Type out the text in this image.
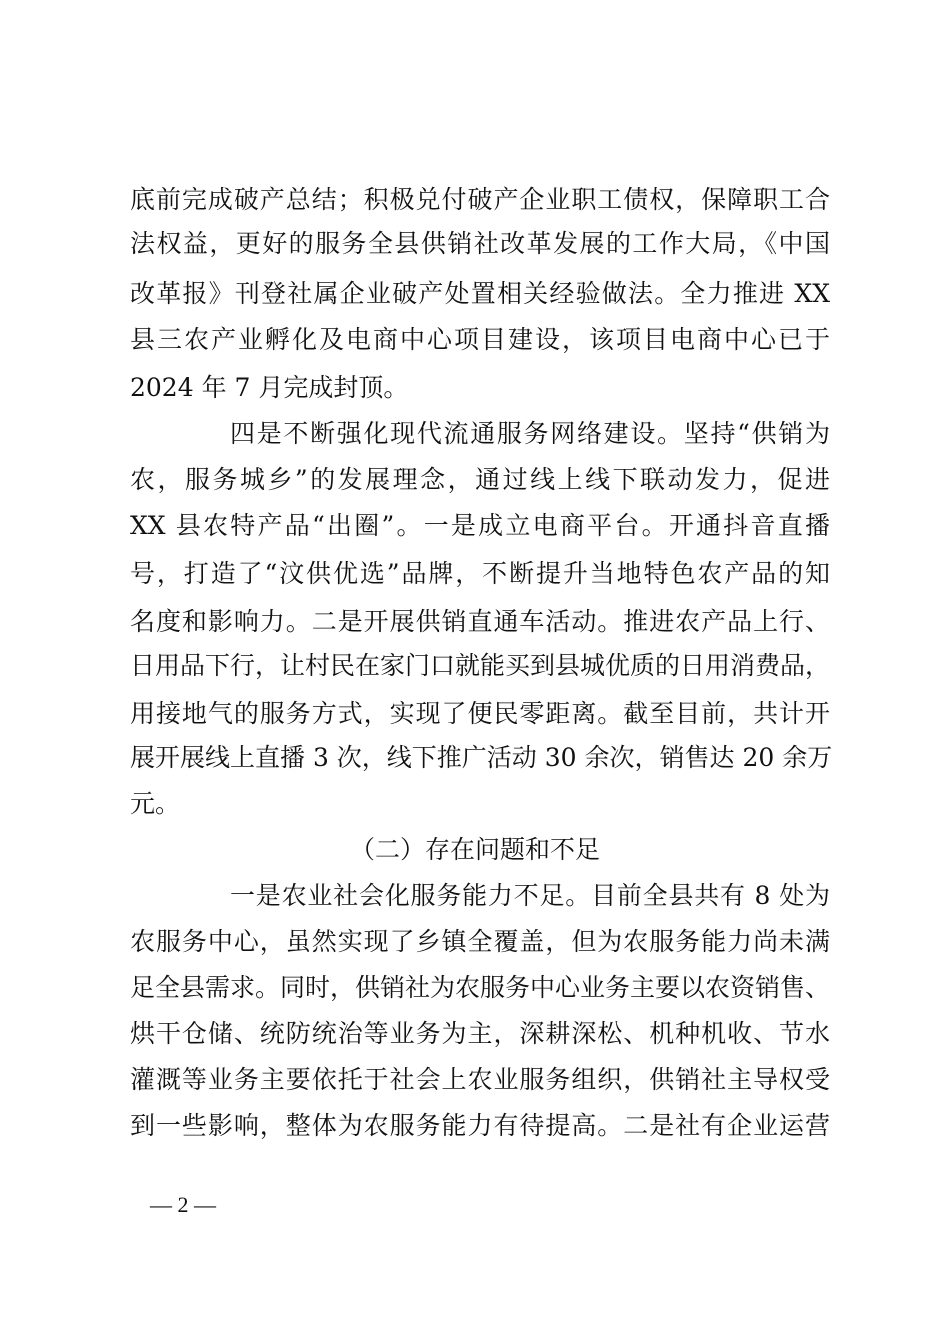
底前完成破产总结；积极兑付破产企业职工债权，保障职工合
法权益，更好的服务全县供销社改革发展的工作大局，《中国
改革报》刊登社属企业破产处置相关经验做法。全力推进 XX
县三农产业孵化及电商中心项目建设，该项目电商中心已于
2024 年 7 月完成封顶。
四是不断强化现代流通服务网络建设。坚持“供销为
农，服务城乡”的发展理念，通过线上线下联动发力，促进
XX 县农特产品“出圈”。一是成立电商平台。开通抖音直播
号，打造了“汶供优选”品牌，不断提升当地特色农产品的知
名度和影响力。二是开展供销直通车活动。推进农产品上行、
日用品下行，让村民在家门口就能买到县城优质的日用消费品，
用接地气的服务方式，实现了便民零距离。截至目前，共计开
展开展线上直播 3 次，线下推广活动 30 余次，销售达 20 余万
元。
（二）存在问题和不足
一是农业社会化服务能力不足。目前全县共有 8 处为
农服务中心，虽然实现了乡镇全覆盖，但为农服务能力尚未满
足全县需求。同时，供销社为农服务中心业务主要以农资销售、
烘干仓储、统防统治等业务为主，深耕深松、机种机收、节水
灌溉等业务主要依托于社会上农业服务组织，供销社主导权受
到一些影响，整体为农服务能力有待提高。二是社有企业运营
— 2 —
